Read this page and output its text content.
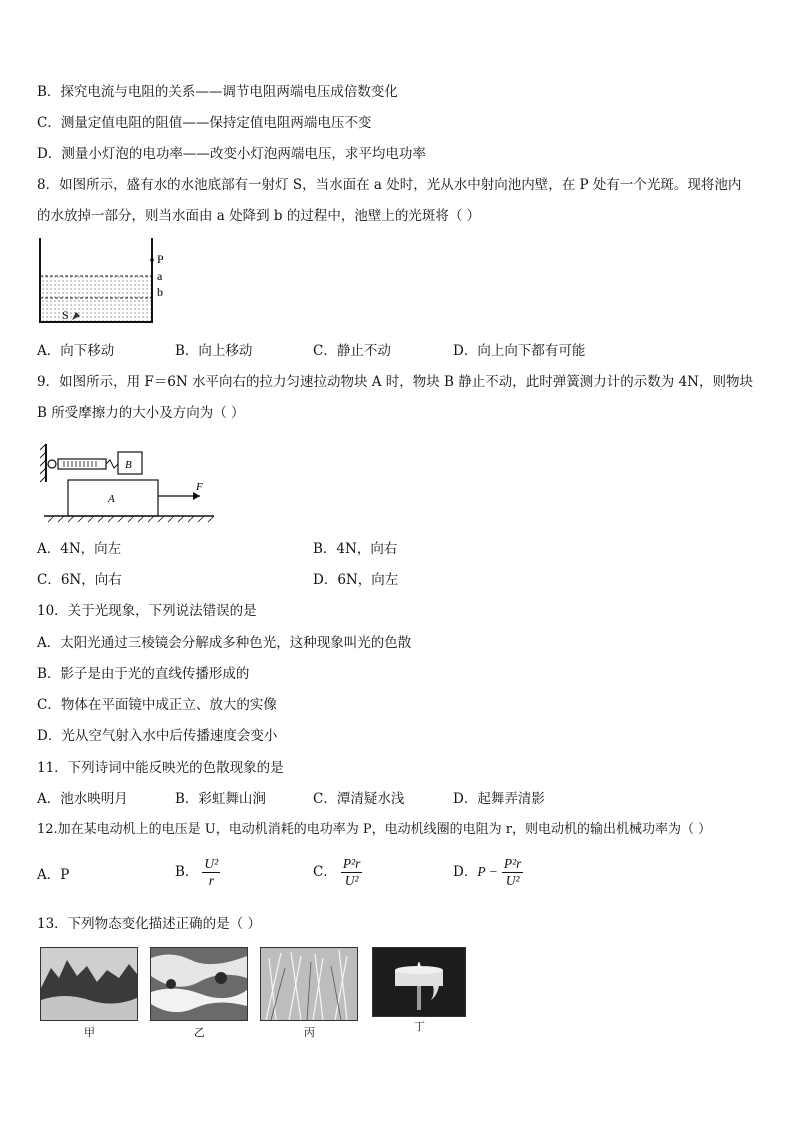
B．探究电流与电阻的关系——调节电阻两端电压成倍数变化
C．测量定值电阻的阻值——保持定值电阻两端电压不变
D．测量小灯泡的电功率——改变小灯泡两端电压，求平均电功率
8．如图所示，盛有水的水池底部有一射灯 S，当水面在 a 处时，光从水中射向池内壁，在 P 处有一个光斑。现将池内
的水放掉一部分，则当水面由 a 处降到 b 的过程中，池壁上的光斑将（ ）
P
a
b
S
A．向下移动	B．向上移动	C．静止不动	D．向上向下都有可能
9．如图所示，用 F＝6N 水平向右的拉力匀速拉动物块 A 时，物块 B 静止不动，此时弹簧测力计的示数为 4N，则物块
B 所受摩擦力的大小及方向为（ ）
B
A
F
A．4N，向左	B．4N，向右
C．6N，向右	D．6N，向左
10．关于光现象，下列说法错误的是
A．太阳光通过三棱镜会分解成多种色光，这种现象叫光的色散
B．影子是由于光的直线传播形成的
C．物体在平面镜中成正立、放大的实像
D．光从空气射入水中后传播速度会变小
11．下列诗词中能反映光的色散现象的是
A．池水映明月	B．彩虹舞山涧	C．潭清疑水浅	D．起舞弄清影
12.加在某电动机上的电压是 U，电动机消耗的电功率为 P，电动机线圈的电阻为 r，则电动机的输出机械功率为（ ）
A．P	B． $\frac{\text{U²}}{r}$	C． $\frac{\text{P²r}}{\text{U²}}$	D．$P - \frac{\text{P²r}}{\text{U²}}$
13．下列物态变化描述正确的是（ ）
甲	乙	丙	丁
